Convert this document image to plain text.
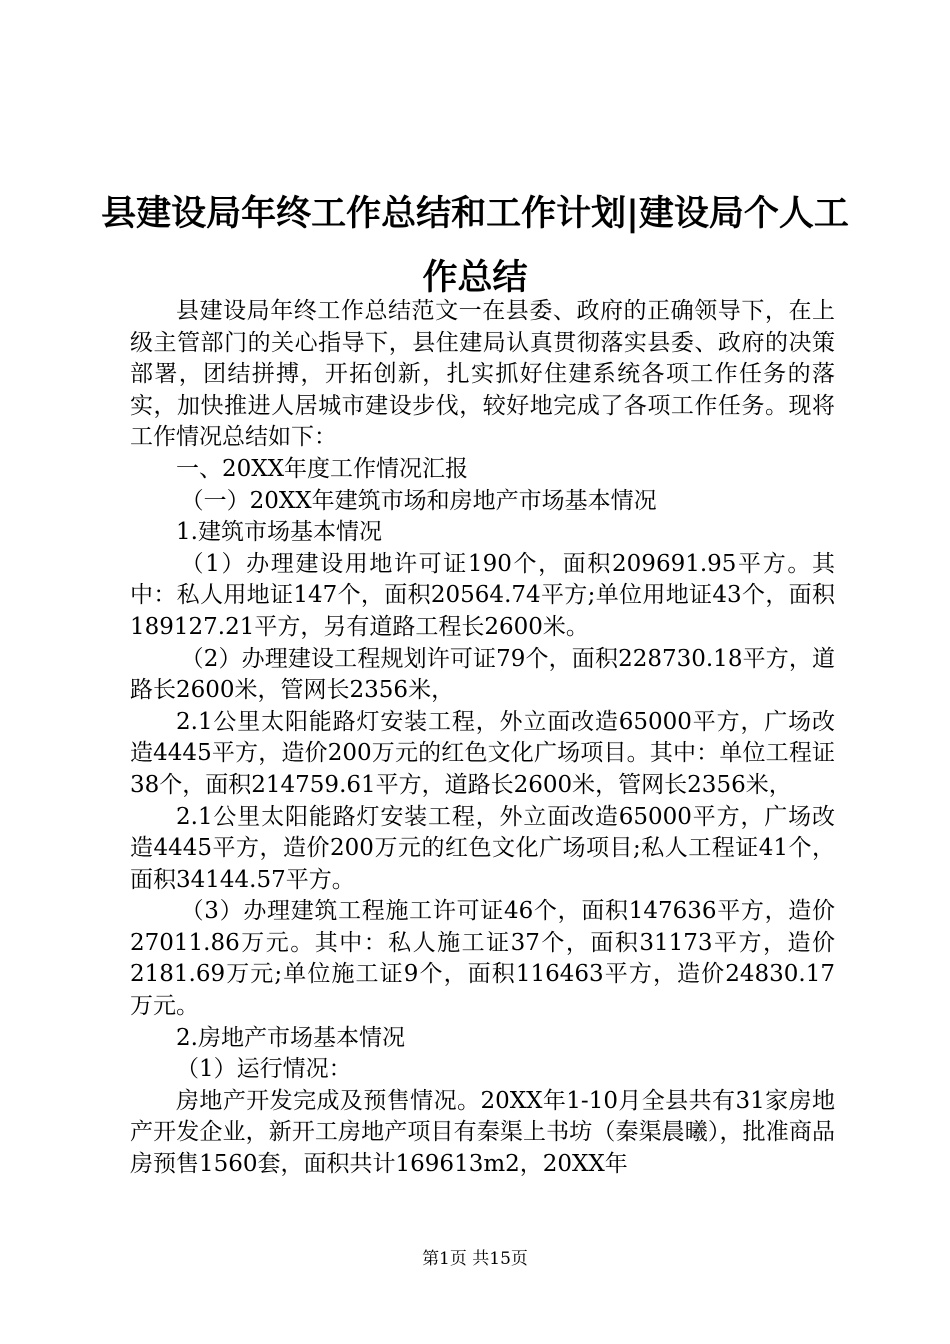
县建设局年终工作总结和工作计划|建设局个人工作总结

县建设局年终工作总结范文一在县委、政府的正确领导下，在上级主管部门的关心指导下，县住建局认真贯彻落实县委、政府的决策部署，团结拼搏，开拓创新，扎实抓好住建系统各项工作任务的落实，加快推进人居城市建设步伐，较好地完成了各项工作任务。现将工作情况总结如下：

一、20XX年度工作情况汇报

（一）20XX年建筑市场和房地产市场基本情况

1.建筑市场基本情况

（1）办理建设用地许可证190个，面积209691.95平方。其中：私人用地证147个，面积20564.74平方;单位用地证43个，面积189127.21平方，另有道路工程长2600米。

（2）办理建设工程规划许可证79个，面积228730.18平方，道路长2600米，管网长2356米，

2.1公里太阳能路灯安装工程，外立面改造65000平方，广场改造4445平方，造价200万元的红色文化广场项目。其中：单位工程证38个，面积214759.61平方，道路长2600米，管网长2356米，

2.1公里太阳能路灯安装工程，外立面改造65000平方，广场改造4445平方，造价200万元的红色文化广场项目;私人工程证41个，面积34144.57平方。

（3）办理建筑工程施工许可证46个，面积147636平方，造价27011.86万元。其中：私人施工证37个，面积31173平方，造价2181.69万元;单位施工证9个，面积116463平方，造价24830.17万元。

2.房地产市场基本情况

（1）运行情况：

房地产开发完成及预售情况。20XX年1-10月全县共有31家房地产开发企业，新开工房地产项目有秦渠上书坊（秦渠晨曦），批准商品房预售1560套，面积共计169613m2，20XX年

第1页 共15页
